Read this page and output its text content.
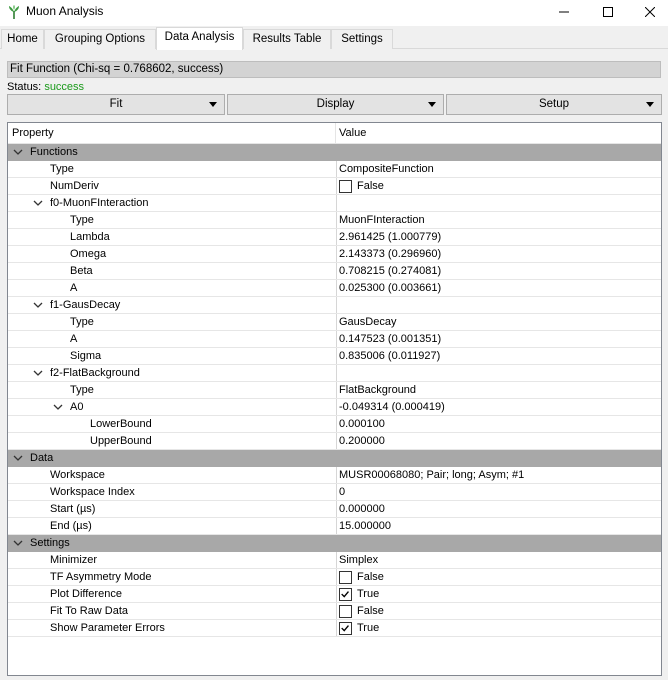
Muon Analysis
Home	Grouping Options	Data Analysis	Results Table	Settings
Fit Function (Chi-sq = 0.768602, success)
Status: success
Fit	Display	Setup
Property	Value
Functions
Type	CompositeFunction
NumDeriv	False
f0-MuonFInteraction
Type	MuonFInteraction
Lambda	2.961425 (1.000779)
Omega	2.143373 (0.296960)
Beta	0.708215 (0.274081)
A	0.025300 (0.003661)
f1-GausDecay
Type	GausDecay
A	0.147523 (0.001351)
Sigma	0.835006 (0.011927)
f2-FlatBackground
Type	FlatBackground
A0	-0.049314 (0.000419)
LowerBound	0.000100
UpperBound	0.200000
Data
Workspace	MUSR00068080; Pair; long; Asym; #1
Workspace Index	0
Start (µs)	0.000000
End (µs)	15.000000
Settings
Minimizer	Simplex
TF Asymmetry Mode	False
Plot Difference	True
Fit To Raw Data	False
Show Parameter Errors	True
